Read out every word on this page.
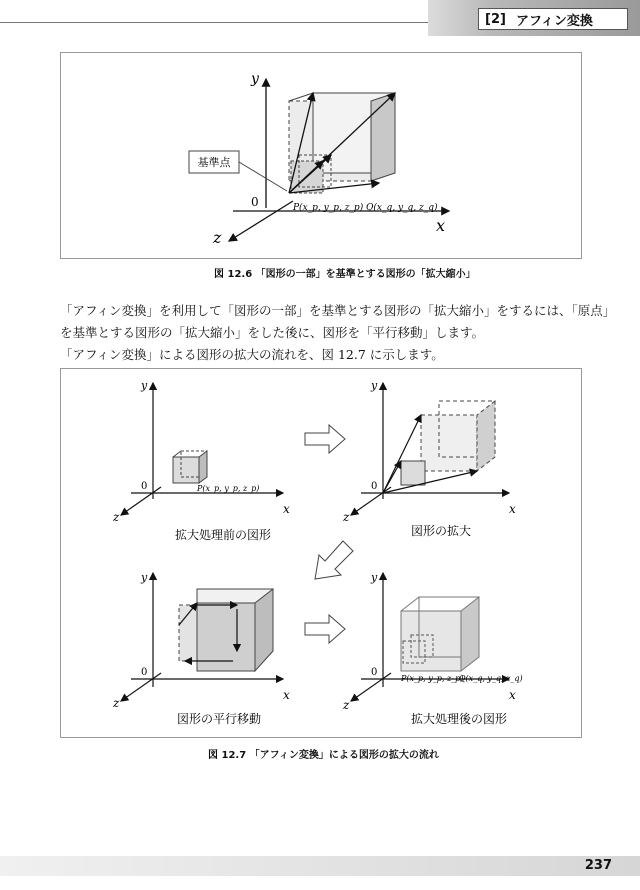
[2] アフィン変換
基準点
y
x
z
0	P(x_p, y_p, z_p) Q(x_q, y_q, z_q)
図 12.6 「図形の一部」を基準とする図形の「拡大縮小」
「アフィン変換」を利用して「図形の一部」を基準とする図形の「拡大縮小」をするには、「原点」
を基準とする図形の「拡大縮小」をした後に、図形を「平行移動」します。
「アフィン変換」による図形の拡大の流れを、図 12.7 に示します。
y
x
z
0	P(x_p, y_p, z_p)
拡大処理前の図形
y
x
z
0
図形の拡大
y
x
z
0
図形の平行移動
y
x
z
0
P(x_p, y_p, z_p)
Q(x_q, y_q, z_q)
拡大処理後の図形
図 12.7 「アフィン変換」による図形の拡大の流れ
237
